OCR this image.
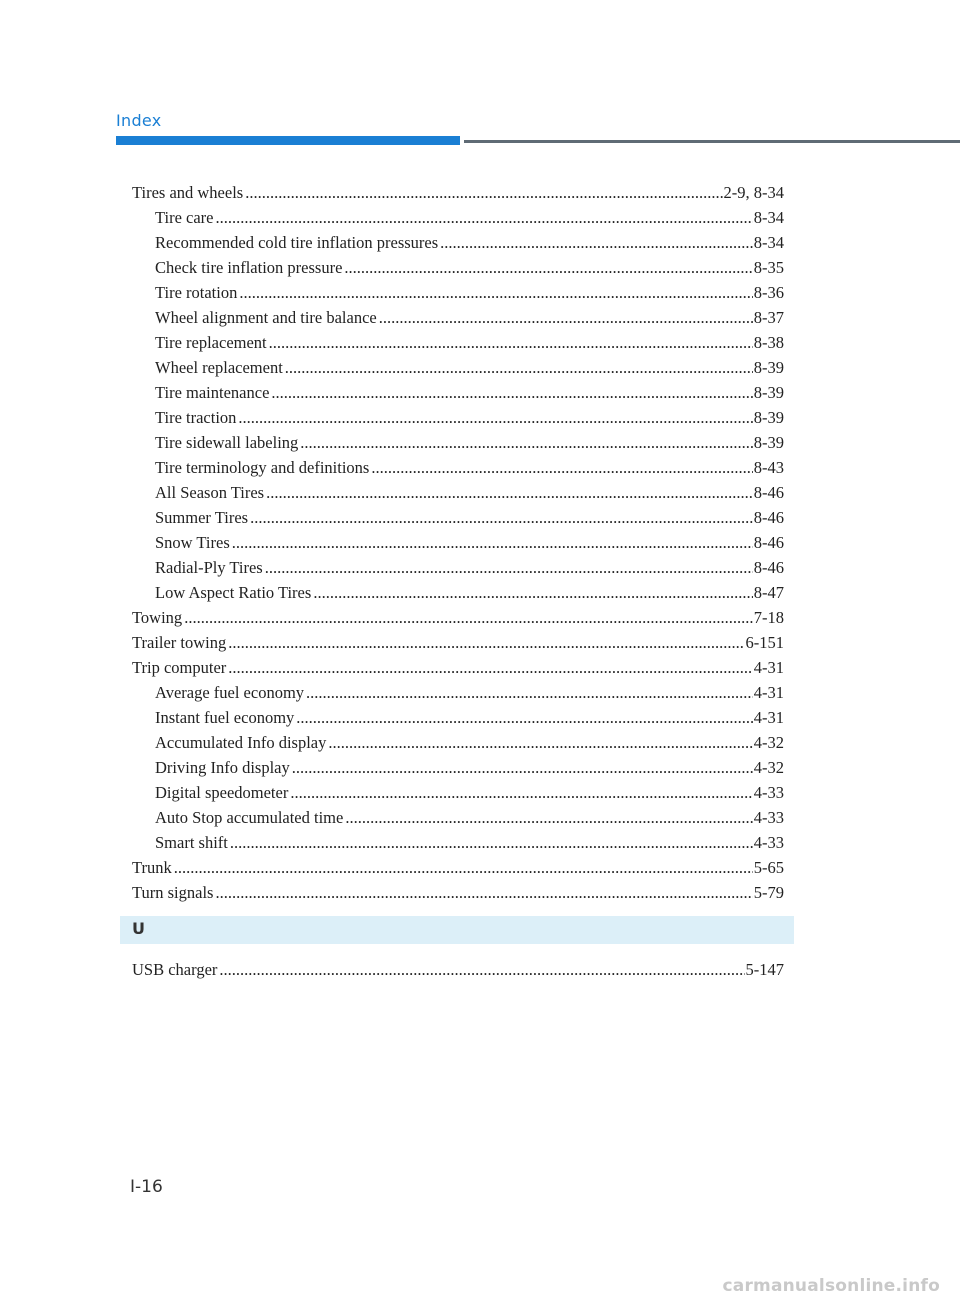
Index
Tires and wheels .....	2-9, 8-34
Tire care .....	8-34
Recommended cold tire inflation pressures .....	8-34
Check tire inflation pressure .....	8-35
Tire rotation .....	8-36
Wheel alignment and tire balance .....	8-37
Tire replacement .....	8-38
Wheel replacement .....	8-39
Tire maintenance .....	8-39
Tire traction .....	8-39
Tire sidewall labeling .....	8-39
Tire terminology and definitions .....	8-43
All Season Tires .....	8-46
Summer Tires .....	8-46
Snow Tires .....	8-46
Radial-Ply Tires .....	8-46
Low Aspect Ratio Tires .....	8-47
Towing .....	7-18
Trailer towing .....	6-151
Trip computer .....	4-31
Average fuel economy .....	4-31
Instant fuel economy .....	4-31
Accumulated Info display .....	4-32
Driving Info display .....	4-32
Digital speedometer .....	4-33
Auto Stop accumulated time .....	4-33
Smart shift .....	4-33
Trunk .....	5-65
Turn signals .....	5-79
U
USB charger .....	5-147
I-16
carmanualsonline.info
